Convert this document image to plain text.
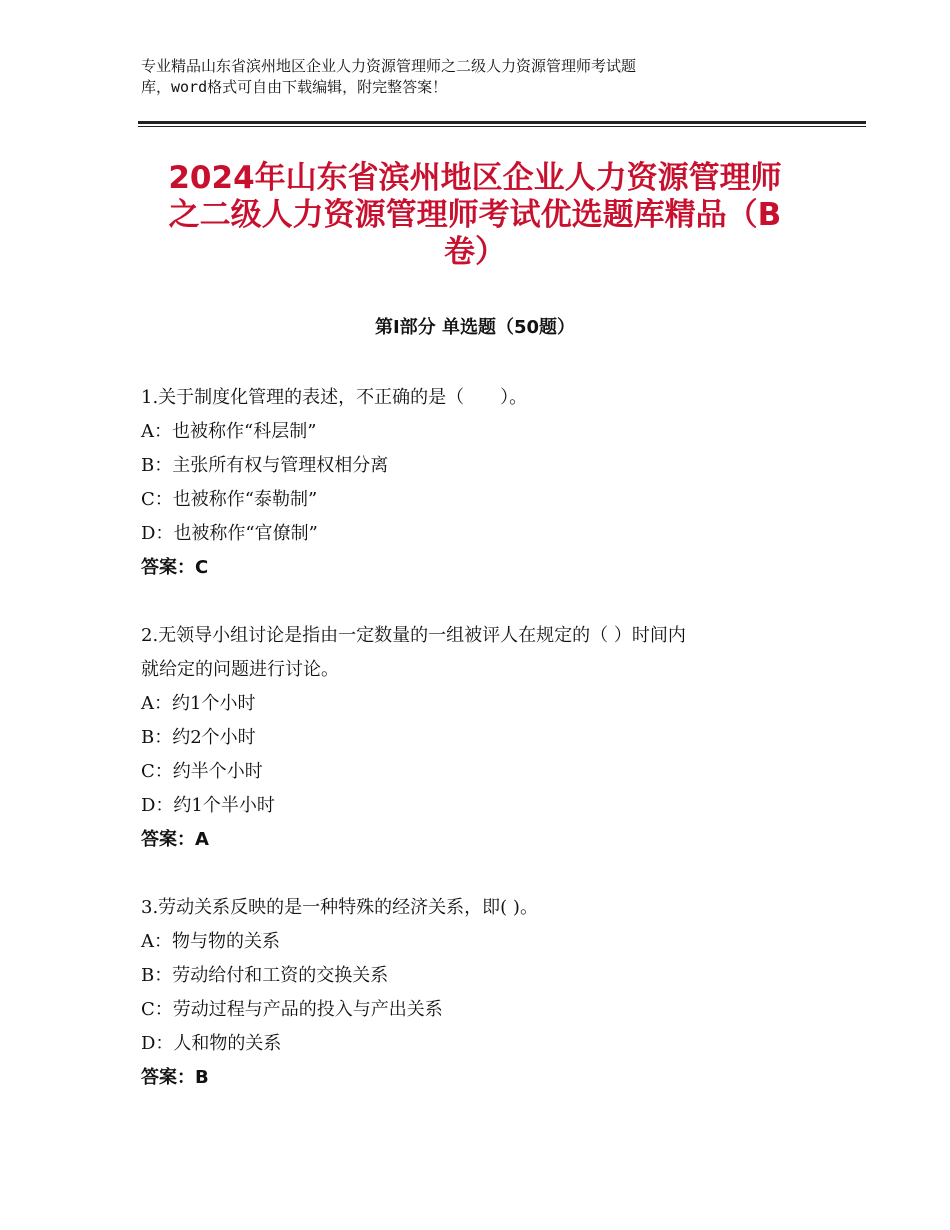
专业精品山东省滨州地区企业人力资源管理师之二级人力资源管理师考试题
库，word格式可自由下载编辑，附完整答案！
2024年山东省滨州地区企业人力资源管理师
之二级人力资源管理师考试优选题库精品（B
卷）
第Ⅰ部分 单选题（50题）
1.关于制度化管理的表述，不正确的是（　　）。
A：也被称作“科层制”
B：主张所有权与管理权相分离
C：也被称作“泰勒制”
D：也被称作“官僚制”
答案：C
2.无领导小组讨论是指由一定数量的一组被评人在规定的（ ）时间内
就给定的问题进行讨论。
A：约1个小时
B：约2个小时
C：约半个小时
D：约1个半小时
答案：A
3.劳动关系反映的是一种特殊的经济关系，即( )。
A：物与物的关系
B：劳动给付和工资的交换关系
C：劳动过程与产品的投入与产出关系
D：人和物的关系
答案：B
